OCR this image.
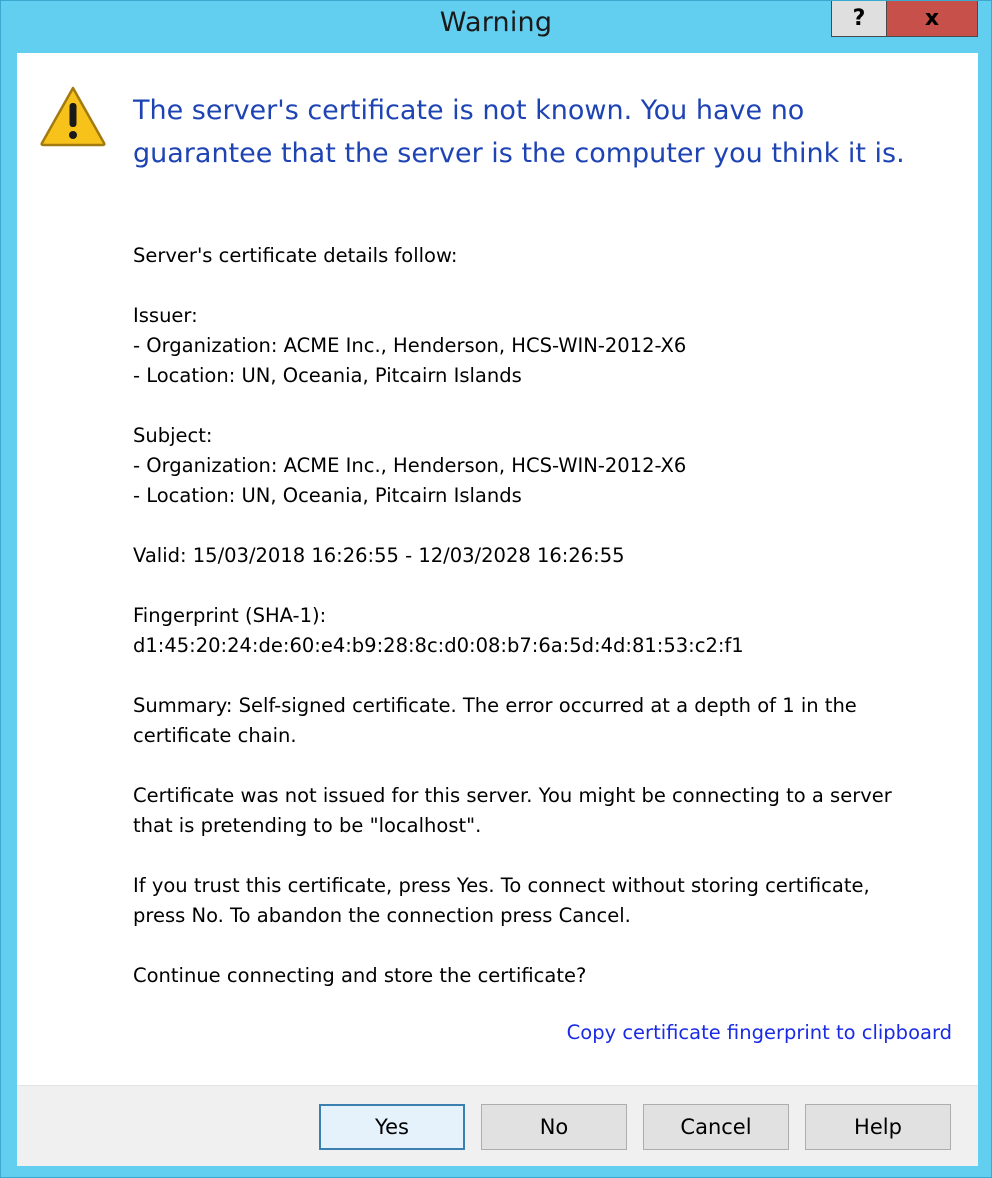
Warning	?	x
The server's certificate is not known. You have no
guarantee that the server is the computer you think it is.
Server's certificate details follow:
Issuer:
- Organization: ACME Inc., Henderson, HCS-WIN-2012-X6
- Location: UN, Oceania, Pitcairn Islands
Subject:
- Organization: ACME Inc., Henderson, HCS-WIN-2012-X6
- Location: UN, Oceania, Pitcairn Islands
Valid: 15/03/2018 16:26:55 - 12/03/2028 16:26:55
Fingerprint (SHA-1):
d1:45:20:24:de:60:e4:b9:28:8c:d0:08:b7:6a:5d:4d:81:53:c2:f1
Summary: Self-signed certificate. The error occurred at a depth of 1 in the
certificate chain.
Certificate was not issued for this server. You might be connecting to a server
that is pretending to be "localhost".
If you trust this certificate, press Yes. To connect without storing certificate,
press No. To abandon the connection press Cancel.
Continue connecting and store the certificate?
Copy certificate fingerprint to clipboard
Yes	No	Cancel	Help
